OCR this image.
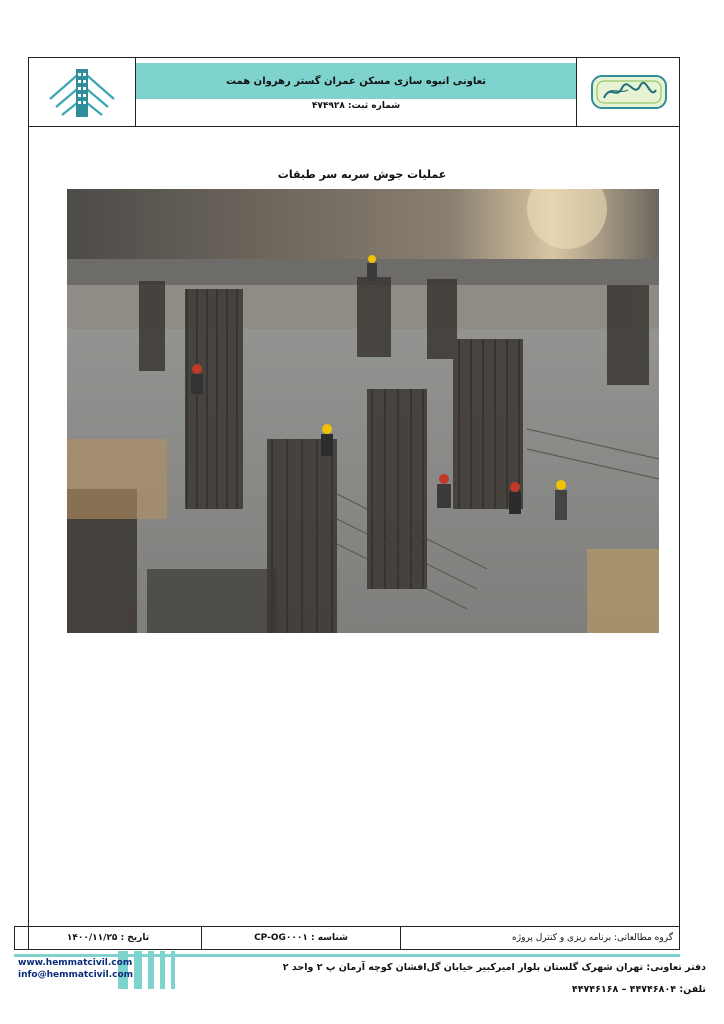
تعاونی انبوه سازی مسکن عمران گستر رهروان همت
شماره ثبت: ۴۷۴۹۲۸
عملیات جوش سربه سر طبقات
گروه مطالعاتی: برنامه ریزی و کنترل پروژه
شناسه : CP-OG۰۰۰۱
تاریخ : ۱۴۰۰/۱۱/۲۵
www.hemmatcivil.com
info@hemmatcivil.com
دفتر تعاونی: تهران شهرک گلستان بلوار امیرکبیر خیابان گل‌افشان کوچه آرمان پ ۲ واحد ۲
تلفن: ۴۴۷۴۶۸۰۴ – ۴۴۷۴۶۱۶۸
